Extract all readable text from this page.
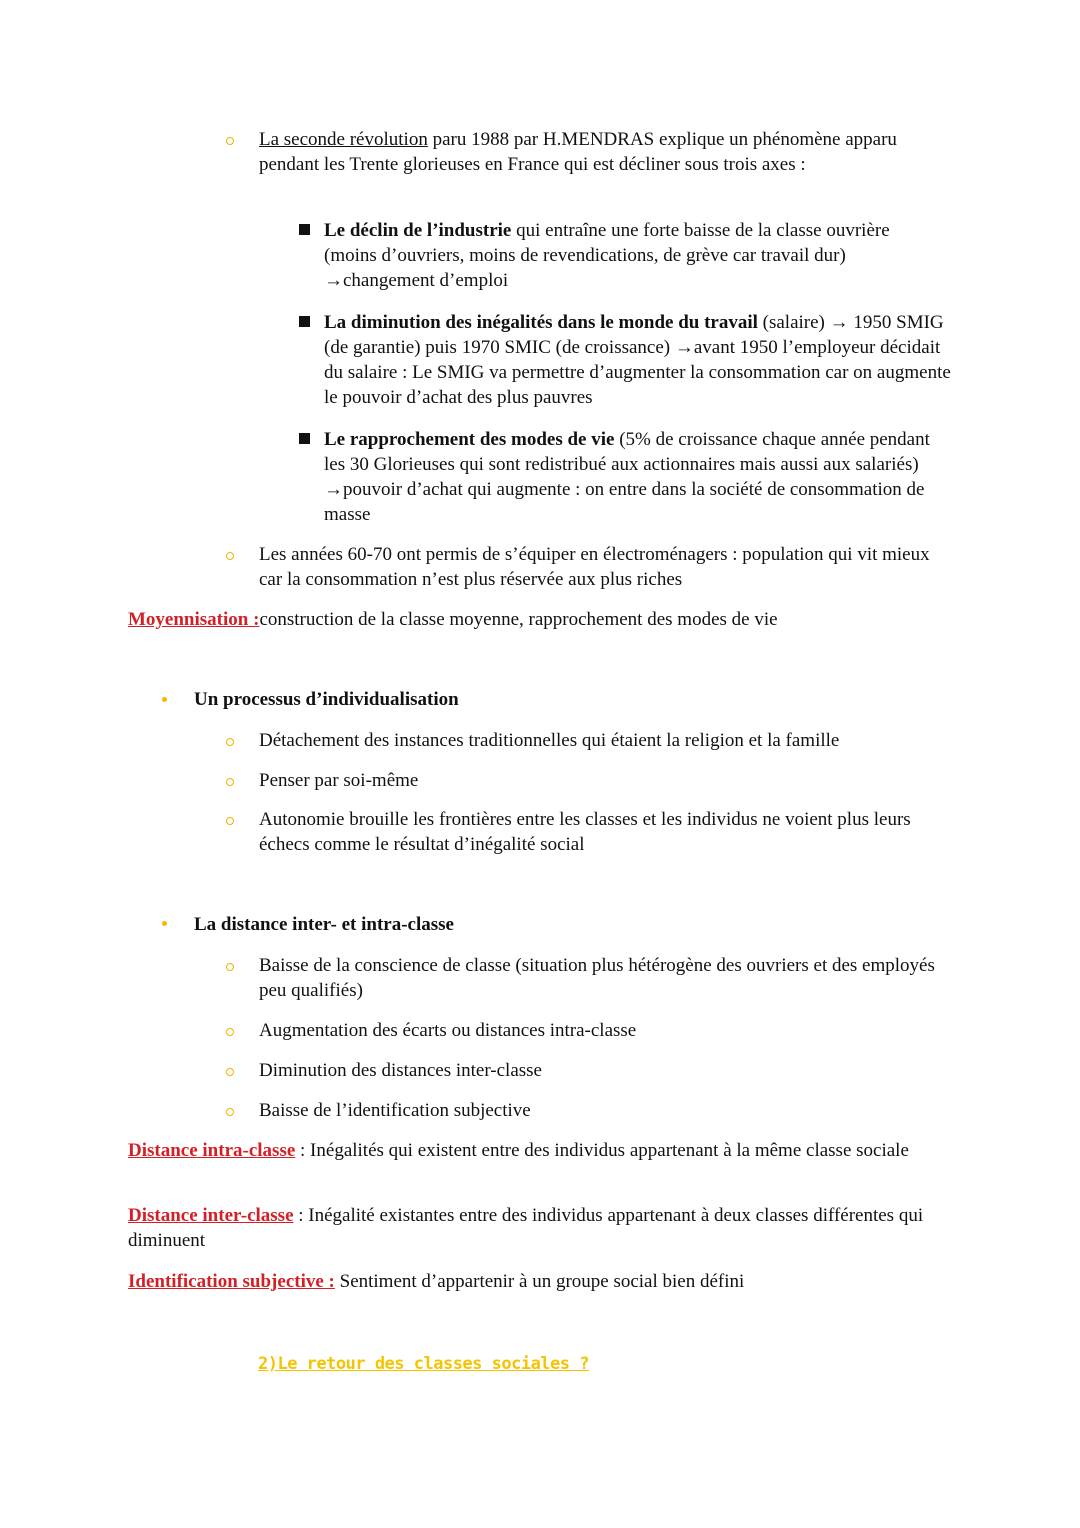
La seconde révolution paru 1988 par H.MENDRAS explique un phénomène apparu pendant les Trente glorieuses en France qui est décliner sous trois axes :
Le déclin de l’industrie qui entraîne une forte baisse de la classe ouvrière (moins d’ouvriers, moins de revendications, de grève car travail dur) →changement d’emploi
La diminution des inégalités dans le monde du travail (salaire) → 1950 SMIG (de garantie) puis 1970 SMIC (de croissance) →avant 1950 l’employeur décidait du salaire : Le SMIG va permettre d’augmenter la consommation car on augmente le pouvoir d’achat des plus pauvres
Le rapprochement des modes de vie (5% de croissance chaque année pendant les 30 Glorieuses qui sont redistribué aux actionnaires mais aussi aux salariés) →pouvoir d’achat qui augmente : on entre dans la société de consommation de masse
Les années 60-70 ont permis de s’équiper en électroménagers : population qui vit mieux car la consommation n’est plus réservée aux plus riches
Moyennisation :construction de la classe moyenne, rapprochement des modes de vie
Un processus d’individualisation
Détachement des instances traditionnelles qui étaient la religion et la famille
Penser par soi-même
Autonomie brouille les frontières entre les classes et les individus ne voient plus leurs échecs comme le résultat d’inégalité social
La distance inter- et intra-classe
Baisse de la conscience de classe (situation plus hétérogène des ouvriers et des employés peu qualifiés)
Augmentation des écarts ou distances intra-classe
Diminution des distances inter-classe
Baisse de l’identification subjective
Distance intra-classe : Inégalités qui existent entre des individus appartenant à la même classe sociale
Distance inter-classe : Inégalité existantes entre des individus appartenant à deux classes différentes qui diminuent
Identification subjective : Sentiment d’appartenir à un groupe social bien défini
2)Le retour des classes sociales ?
